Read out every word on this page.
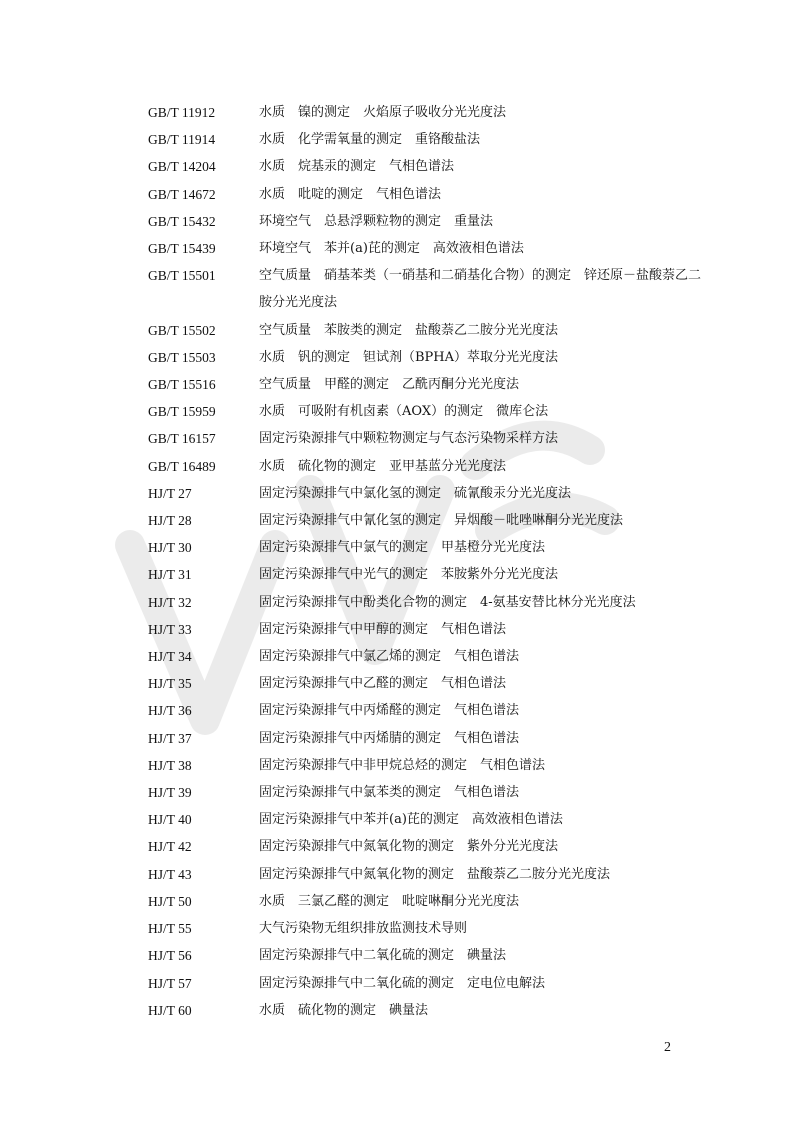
GB/T 11912	水质　镍的测定　火焰原子吸收分光光度法
GB/T 11914	水质　化学需氧量的测定　重铬酸盐法
GB/T 14204	水质　烷基汞的测定　气相色谱法
GB/T 14672	水质　吡啶的测定　气相色谱法
GB/T 15432	环境空气　总悬浮颗粒物的测定　重量法
GB/T 15439	环境空气　苯并(a)芘的测定　高效液相色谱法
GB/T 15501	空气质量　硝基苯类（一硝基和二硝基化合物）的测定　锌还原－盐酸萘乙二胺分光光度法
GB/T 15502	空气质量　苯胺类的测定　盐酸萘乙二胺分光光度法
GB/T 15503	水质　钒的测定　钽试剂（BPHA）萃取分光光度法
GB/T 15516	空气质量　甲醛的测定　乙酰丙酮分光光度法
GB/T 15959	水质　可吸附有机卤素（AOX）的测定　微库仑法
GB/T 16157	固定污染源排气中颗粒物测定与气态污染物采样方法
GB/T 16489	水质　硫化物的测定　亚甲基蓝分光光度法
HJ/T 27	固定污染源排气中氯化氢的测定　硫氰酸汞分光光度法
HJ/T 28	固定污染源排气中氰化氢的测定　异烟酸－吡唑啉酮分光光度法
HJ/T 30	固定污染源排气中氯气的测定　甲基橙分光光度法
HJ/T 31	固定污染源排气中光气的测定　苯胺紫外分光光度法
HJ/T 32	固定污染源排气中酚类化合物的测定　4-氨基安替比林分光光度法
HJ/T 33	固定污染源排气中甲醇的测定　气相色谱法
HJ/T 34	固定污染源排气中氯乙烯的测定　气相色谱法
HJ/T 35	固定污染源排气中乙醛的测定　气相色谱法
HJ/T 36	固定污染源排气中丙烯醛的测定　气相色谱法
HJ/T 37	固定污染源排气中丙烯腈的测定　气相色谱法
HJ/T 38	固定污染源排气中非甲烷总烃的测定　气相色谱法
HJ/T 39	固定污染源排气中氯苯类的测定　气相色谱法
HJ/T 40	固定污染源排气中苯并(a)芘的测定　高效液相色谱法
HJ/T 42	固定污染源排气中氮氧化物的测定　紫外分光光度法
HJ/T 43	固定污染源排气中氮氧化物的测定　盐酸萘乙二胺分光光度法
HJ/T 50	水质　三氯乙醛的测定　吡啶啉酮分光光度法
HJ/T 55	大气污染物无组织排放监测技术导则
HJ/T 56	固定污染源排气中二氧化硫的测定　碘量法
HJ/T 57	固定污染源排气中二氧化硫的测定　定电位电解法
HJ/T 60	水质　硫化物的测定　碘量法
2
